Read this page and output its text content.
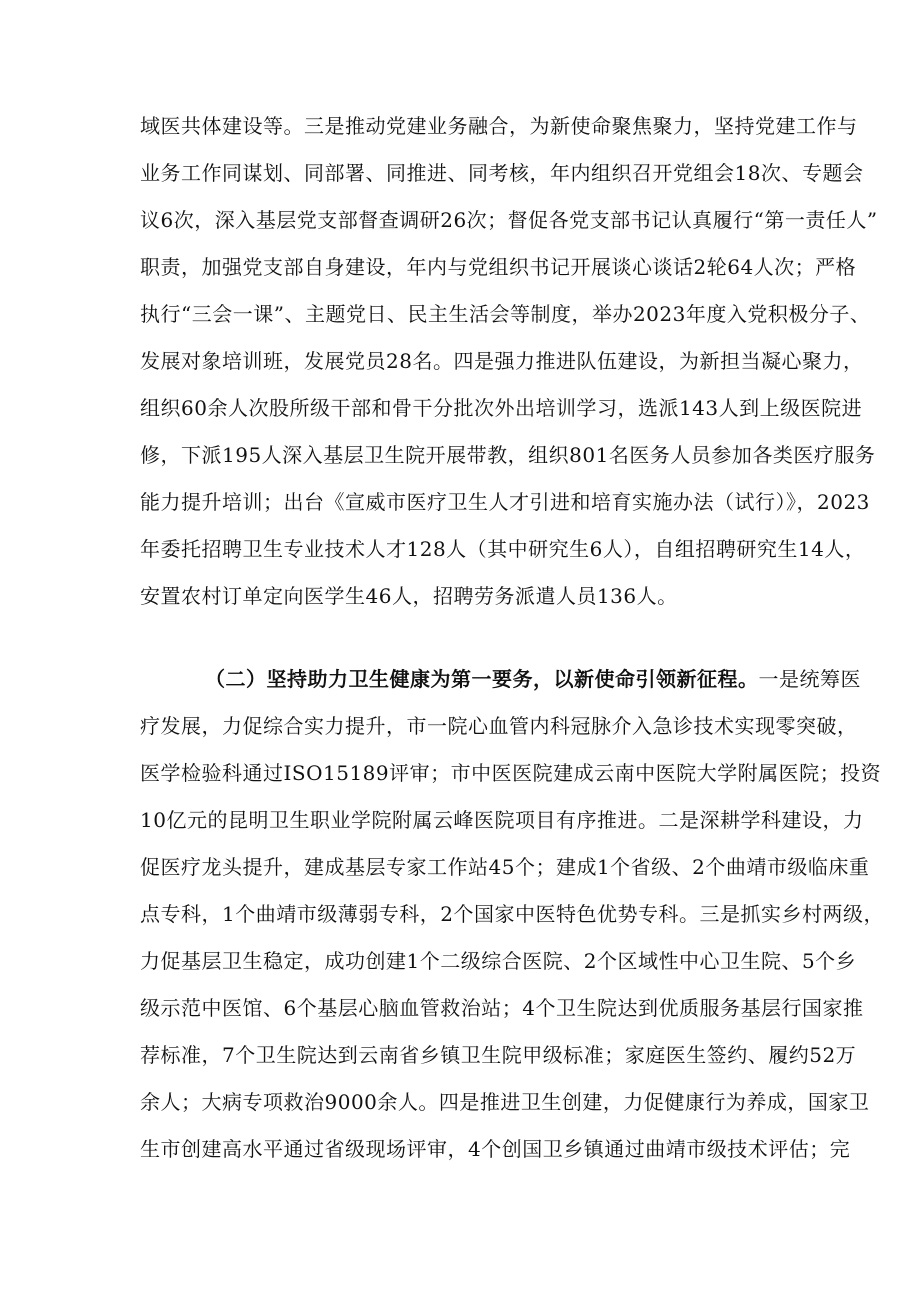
域医共体建设等。三是推动党建业务融合，为新使命聚焦聚力，坚持党建工作与
业务工作同谋划、同部署、同推进、同考核，年内组织召开党组会18次、专题会
议6次，深入基层党支部督查调研26次；督促各党支部书记认真履行“第一责任人”
职责，加强党支部自身建设，年内与党组织书记开展谈心谈话2轮64人次；严格
执行“三会一课”、主题党日、民主生活会等制度，举办2023年度入党积极分子、
发展对象培训班，发展党员28名。四是强力推进队伍建设，为新担当凝心聚力，
组织60余人次股所级干部和骨干分批次外出培训学习，选派143人到上级医院进
修，下派195人深入基层卫生院开展带教，组织801名医务人员参加各类医疗服务
能力提升培训；出台《宣威市医疗卫生人才引进和培育实施办法（试行）》，2023
年委托招聘卫生专业技术人才128人（其中研究生6人），自组招聘研究生14人，
安置农村订单定向医学生46人，招聘劳务派遣人员136人。
（二）坚持助力卫生健康为第一要务，以新使命引领新征程。一是统筹医
疗发展，力促综合实力提升，市一院心血管内科冠脉介入急诊技术实现零突破，
医学检验科通过ISO15189评审；市中医医院建成云南中医院大学附属医院；投资
10亿元的昆明卫生职业学院附属云峰医院项目有序推进。二是深耕学科建设，力
促医疗龙头提升，建成基层专家工作站45个；建成1个省级、2个曲靖市级临床重
点专科，1个曲靖市级薄弱专科，2个国家中医特色优势专科。三是抓实乡村两级，
力促基层卫生稳定，成功创建1个二级综合医院、2个区域性中心卫生院、5个乡
级示范中医馆、6个基层心脑血管救治站；4个卫生院达到优质服务基层行国家推
荐标准，7个卫生院达到云南省乡镇卫生院甲级标准；家庭医生签约、履约52万
余人；大病专项救治9000余人。四是推进卫生创建，力促健康行为养成，国家卫
生市创建高水平通过省级现场评审，4个创国卫乡镇通过曲靖市级技术评估；完
